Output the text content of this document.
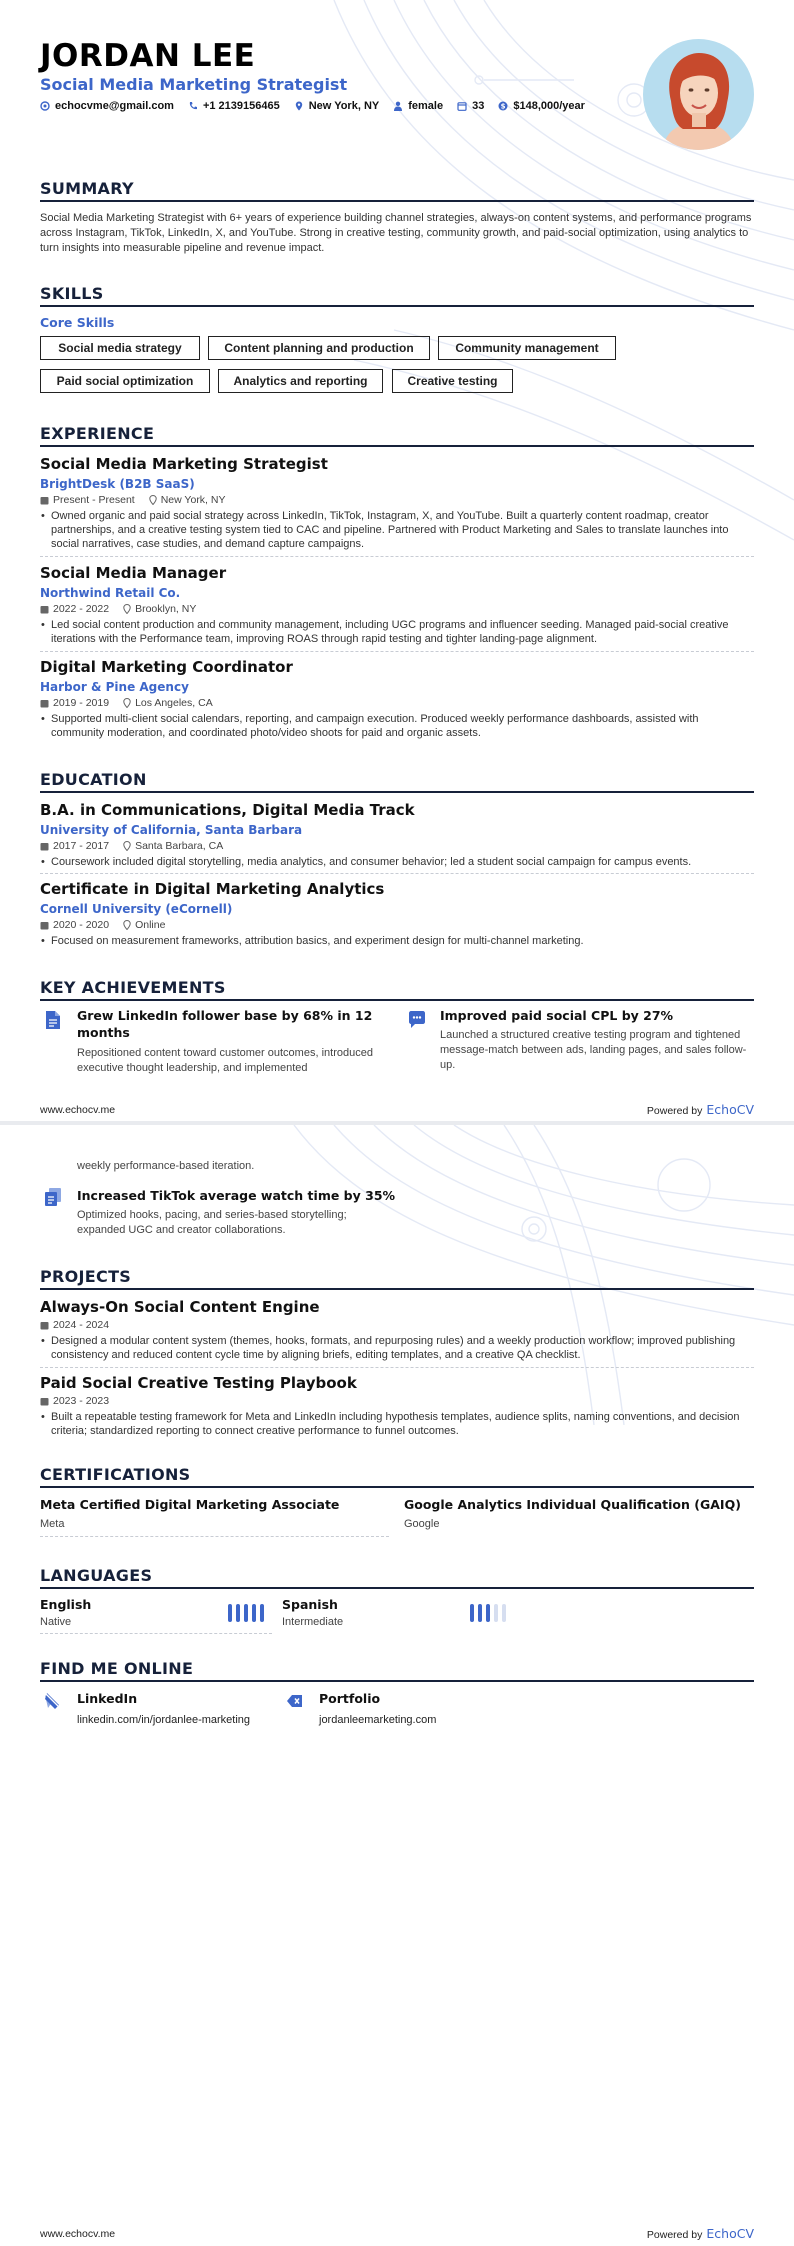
JORDAN LEE
Social Media Marketing Strategist
echocvme@gmail.com	+1 2139156465	New York, NY	female	33 $ $148,000/year
SUMMARY
Social Media Marketing Strategist with 6+ years of experience building channel strategies, always-on content systems, and performance programs across Instagram, TikTok, LinkedIn, X, and YouTube. Strong in creative testing, community growth, and paid-social optimization, using analytics to turn insights into measurable pipeline and revenue impact.
SKILLS
Core Skills
Social media strategy	Content planning and production	Community management
Paid social optimization	Analytics and reporting	Creative testing
EXPERIENCE
Social Media Marketing Strategist
BrightDesk (B2B SaaS)
Present - Present New York, NY
• Owned organic and paid social strategy across LinkedIn, TikTok, Instagram, X, and YouTube. Built a quarterly content roadmap, creator partnerships, and a creative testing system tied to CAC and pipeline. Partnered with Product Marketing and Sales to translate launches into social narratives, case studies, and demand capture campaigns.
Social Media Manager
Northwind Retail Co.
2022 - 2022 Brooklyn, NY
• Led social content production and community management, including UGC programs and influencer seeding. Managed paid-social creative iterations with the Performance team, improving ROAS through rapid testing and tighter landing-page alignment.
Digital Marketing Coordinator
Harbor & Pine Agency
2019 - 2019 Los Angeles, CA
• Supported multi-client social calendars, reporting, and campaign execution. Produced weekly performance dashboards, assisted with community moderation, and coordinated photo/video shoots for paid and organic assets.
EDUCATION
B.A. in Communications, Digital Media Track
University of California, Santa Barbara
2017 - 2017 Santa Barbara, CA
• Coursework included digital storytelling, media analytics, and consumer behavior; led a student social campaign for campus events.
Certificate in Digital Marketing Analytics
Cornell University (eCornell)
2020 - 2020 Online
• Focused on measurement frameworks, attribution basics, and experiment design for multi-channel marketing.
KEY ACHIEVEMENTS
Grew LinkedIn follower base by 68% in 12 months
Repositioned content toward customer outcomes, introduced executive thought leadership, and implemented
Improved paid social CPL by 27%
Launched a structured creative testing program and tightened message-match between ads, landing pages, and sales follow-up.
www.echocv.me	Powered by EchoCV
weekly performance-based iteration.
Increased TikTok average watch time by 35%
Optimized hooks, pacing, and series-based storytelling; expanded UGC and creator collaborations.
PROJECTS
Always-On Social Content Engine
2024 - 2024
• Designed a modular content system (themes, hooks, formats, and repurposing rules) and a weekly production workflow; improved publishing consistency and reduced content cycle time by aligning briefs, editing templates, and a creative QA checklist.
Paid Social Creative Testing Playbook
2023 - 2023
• Built a repeatable testing framework for Meta and LinkedIn including hypothesis templates, audience splits, naming conventions, and decision criteria; standardized reporting to connect creative performance to funnel outcomes.
CERTIFICATIONS
Meta Certified Digital Marketing Associate
Meta
Google Analytics Individual Qualification (GAIQ)
Google
LANGUAGES
English
Native
Spanish
Intermediate
FIND ME ONLINE
LinkedIn
linkedin.com/in/jordanlee-marketing
Portfolio
jordanleemarketing.com
www.echocv.me	Powered by EchoCV
